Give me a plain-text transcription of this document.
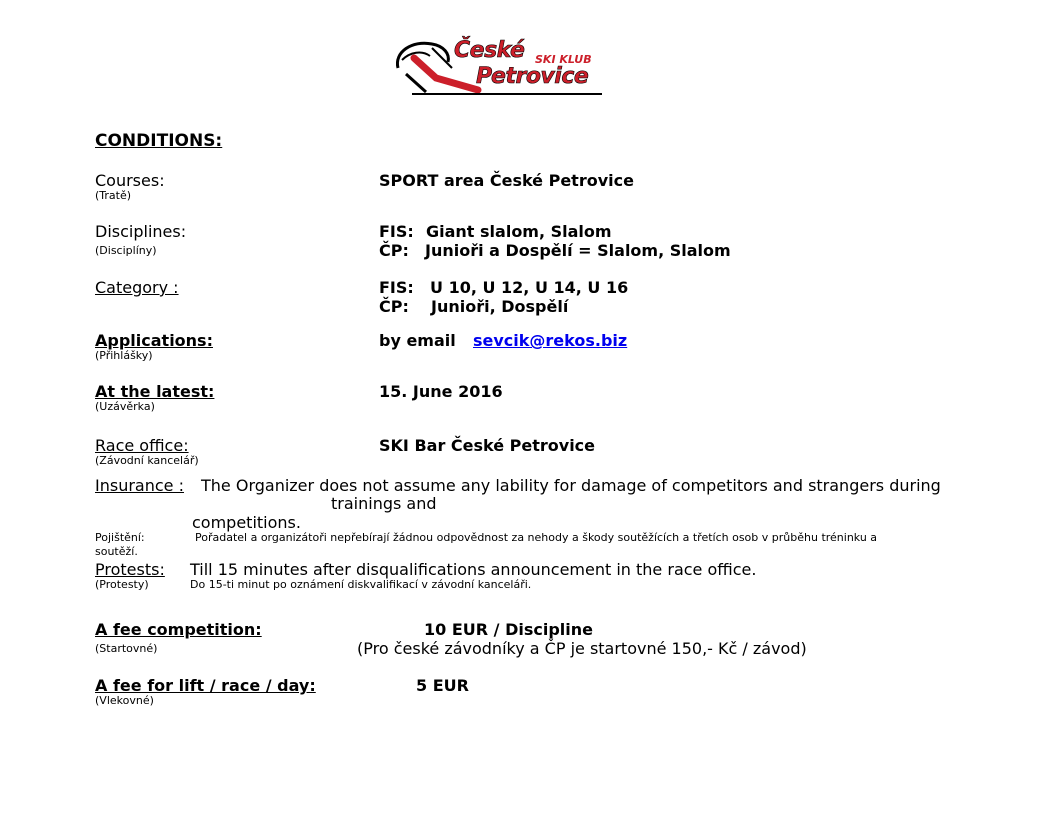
České SKI KLUB
Petrovice
CONDITIONS:
Courses:
(Tratě)
SPORT area České Petrovice
Disciplines:
(Disciplíny)
FIS: Giant slalom, Slalom
ČP: Junioři a Dospělí = Slalom, Slalom
Category :	FIS: U 10, U 12, U 14, U 16
ČP: Junioři, Dospělí
Applications:
(Přihlášky)
by email sevcik@rekos.biz
At the latest:
(Uzávěrka)
15. June 2016
Race office:
(Závodní kancelář)
SKI Bar České Petrovice
Insurance : The Organizer does not assume any lability for damage of competitors and strangers during
trainings and
competitions.
Pojištění:	Pořadatel a organizátoři nepřebírají žádnou odpovědnost za nehody a škody soutěžících a třetích osob v průběhu tréninku a
soutěží.
Protests: Till 15 minutes after disqualifications announcement in the race office.
(Protesty)	Do 15-ti minut po oznámení diskvalifikací v závodní kanceláři.
A fee competition:	10 EUR / Discipline
(Startovné)	(Pro české závodníky a ČP je startovné 150,- Kč / závod)
A fee for lift / race / day:	5 EUR
(Vlekovné)
